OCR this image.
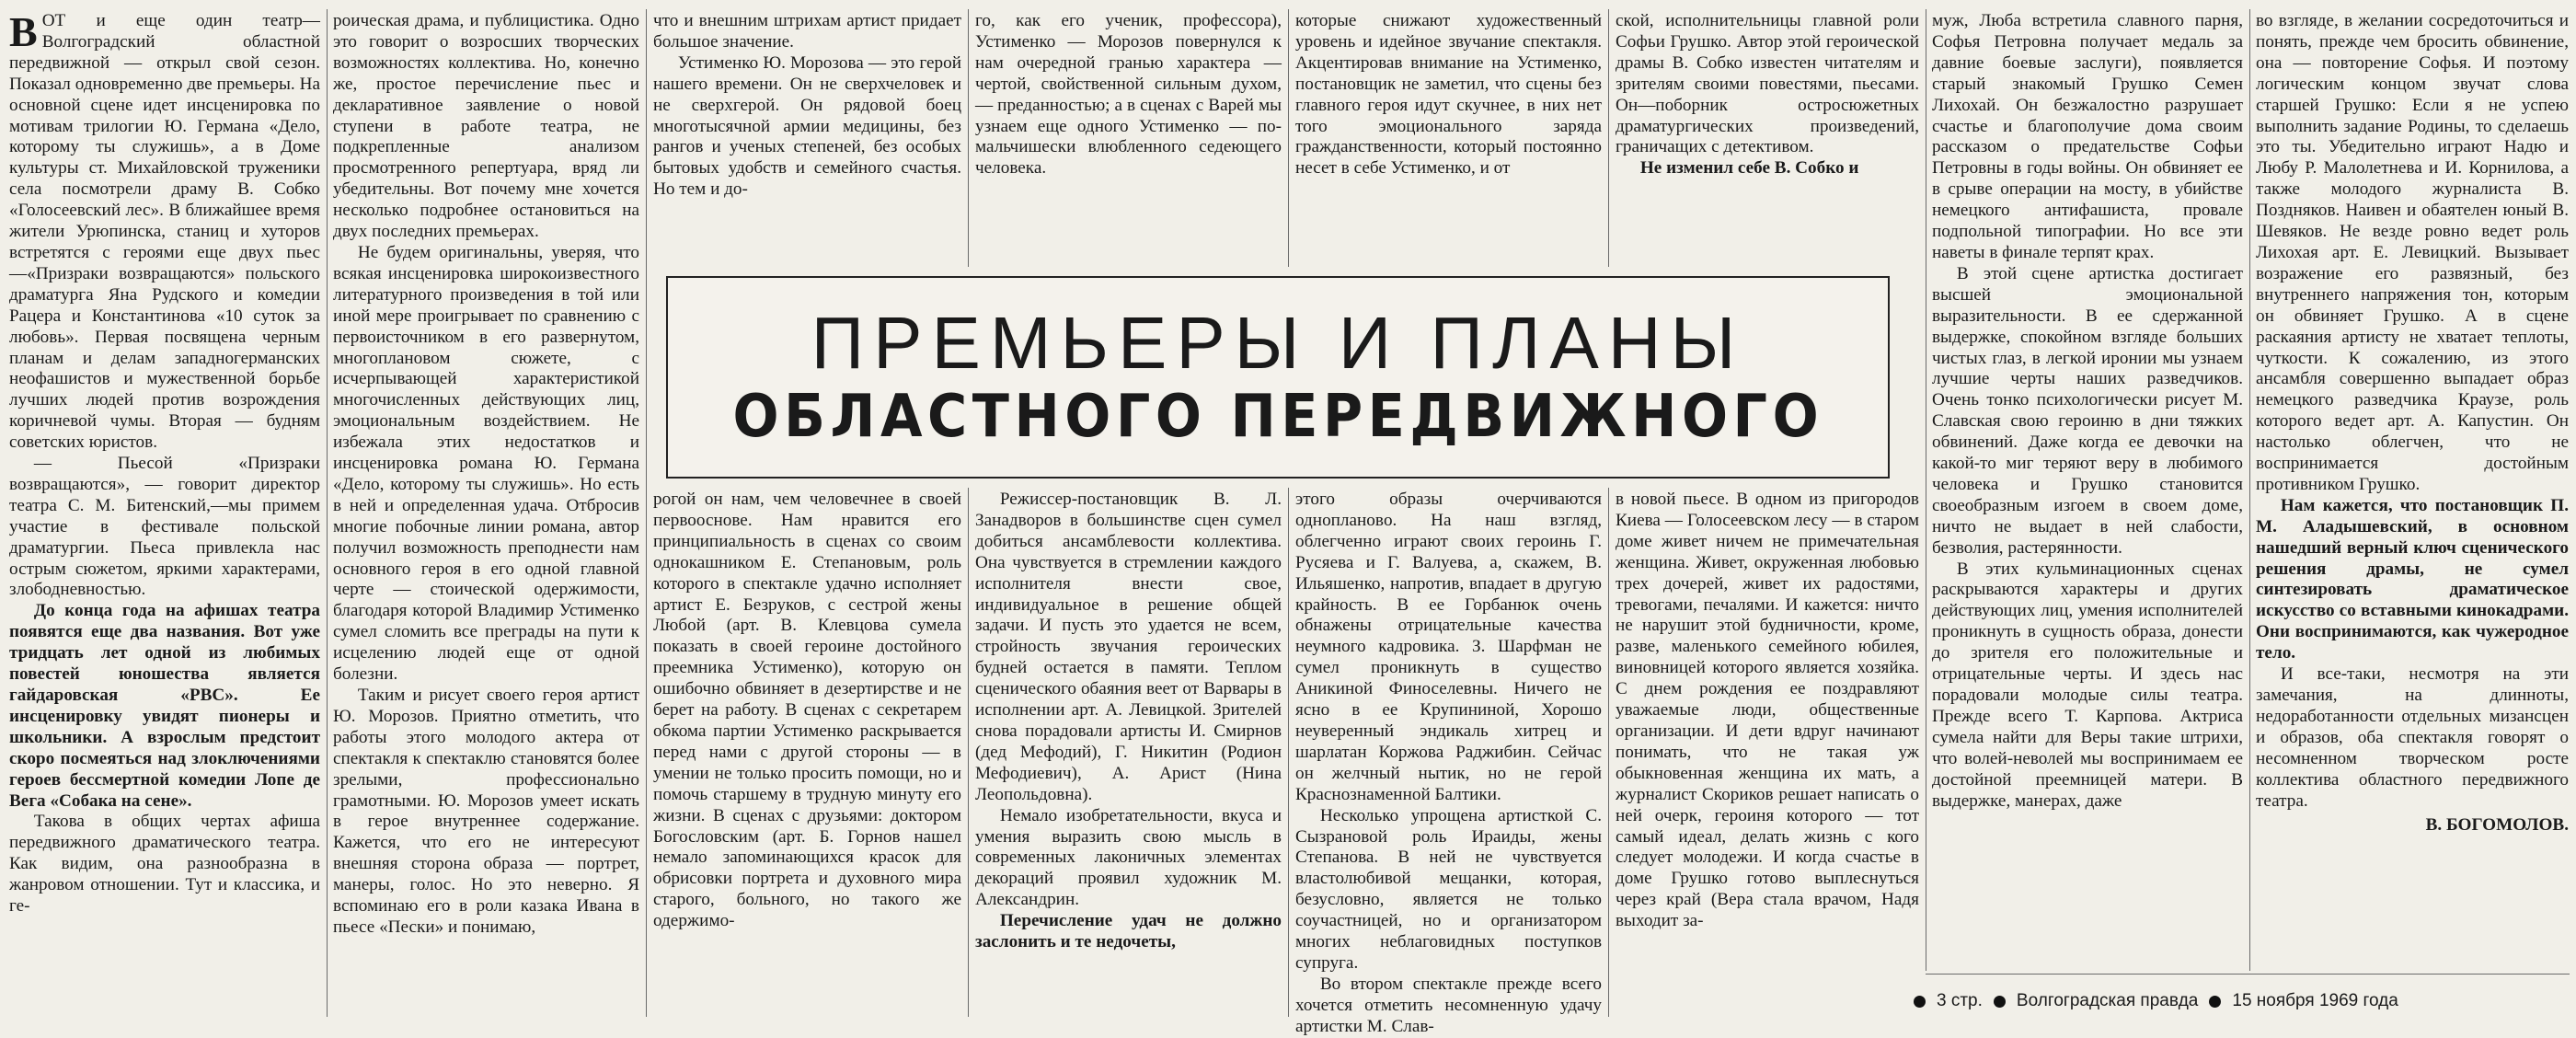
ВОТ и еще один театр— Волгоградский областной передвижной — открыл свой сезон. Показал одновременно две премьеры. На основной сцене идет инсценировка по мотивам трилогии Ю. Германа «Дело, которому ты служишь», а в Доме культуры ст. Михайловской труженики села посмотрели драму В. Собко «Голосеевский лес». В ближайшее время жители Урюпинска, станиц и хуторов встретятся с героями еще двух пьес —«Призраки возвращаются» польского драматурга Яна Рудского и комедии Рацера и Константинова «10 суток за любовь». Первая посвящена черным планам и делам западногерманских неофашистов и мужественной борьбе лучших людей против возрождения коричневой чумы. Вторая — будням советских юристов.

— Пьесой «Призраки возвращаются», — говорит директор театра С. М. Битенский,—мы примем участие в фестивале польской драматургии. Пьеса привлекла нас острым сюжетом, яркими характерами, злободневностью.

До конца года на афишах театра появятся еще два названия. Вот уже тридцать лет одной из любимых повестей юношества является гайдаровская «РВС». Ее инсценировку увидят пионеры и школьники. А взрослым предстоит скоро посмеяться над злоключениями героев бессмертной комедии Лопе де Вега «Собака на сене».

Такова в общих чертах афиша передвижного драматического театра. Как видим, она разнообразна в жанровом отношении. Тут и классика, и ге-

роическая драма, и публицистика. Одно это говорит о возросших творческих возможностях коллектива. Но, конечно же, простое перечисление пьес и декларативное заявление о новой ступени в работе театра, не подкрепленные анализом просмотренного репертуара, вряд ли убедительны. Вот почему мне хочется несколько подробнее остановиться на двух последних премьерах.

Не будем оригинальны, уверяя, что всякая инсценировка широкоизвестного литературного произведения в той или иной мере проигрывает по сравнению с первоисточником в его развернутом, многоплановом сюжете, с исчерпывающей характеристикой многочисленных действующих лиц, эмоциональным воздействием. Не избежала этих недостатков и инсценировка романа Ю. Германа «Дело, которому ты служишь». Но есть в ней и определенная удача. Отбросив многие побочные линии романа, автор получил возможность преподнести нам основного героя в его одной главной черте — стоической одержимости, благодаря которой Владимир Устименко сумел сломить все преграды на пути к исцелению людей еще от одной болезни.

Таким и рисует своего героя артист Ю. Морозов. Приятно отметить, что работы этого молодого актера от спектакля к спектаклю становятся более зрелыми, профессионально грамотными. Ю. Морозов умеет искать в герое внутреннее содержание. Кажется, что его не интересуют внешняя сторона образа — портрет, манеры, голос. Но это неверно. Я вспоминаю его в роли казака Ивана в пьесе «Пески» и понимаю,

что и внешним штрихам артист придает большое значение.

Устименко Ю. Морозова — это герой нашего времени. Он не сверхчеловек и не сверхгерой. Он рядовой боец многотысячной армии медицины, без рангов и ученых степеней, без особых бытовых удобств и семейного счастья. Но тем и до-

го, как его ученик, профессора), Устименко — Морозов повернулся к нам очередной гранью характера — чертой, свойственной сильным духом, — преданностью; а в сценах с Варей мы узнаем еще одного Устименко — по-мальчишески влюбленного седеющего человека.

которые снижают художественный уровень и идейное звучание спектакля. Акцентировав внимание на Устименко, постановщик не заметил, что сцены без главного героя идут скучнее, в них нет того эмоционального заряда гражданственности, который постоянно несет в себе Устименко, и от

ской, исполнительницы главной роли Софьи Грушко. Автор этой героической драмы В. Собко известен читателям и зрителям своими повестями, пьесами. Он—поборник остросюжетных драматургических произведений, граничащих с детективом.

Не изменил себе В. Собко и

ПРЕМЬЕРЫ И ПЛАНЫ
ОБЛАСТНОГО ПЕРЕДВИЖНОГО

рогой он нам, чем человечнее в своей первооснове. Нам нравится его принципиальность в сценах со своим однокашником Е. Степановым, роль которого в спектакле удачно исполняет артист Е. Безруков, с сестрой жены Любой (арт. В. Клевцова сумела показать в своей героине достойного преемника Устименко), которую он ошибочно обвиняет в дезертирстве и не берет на работу. В сценах с секретарем обкома партии Устименко раскрывается перед нами с другой стороны — в умении не только просить помощи, но и помочь старшему в трудную минуту его жизни. В сценах с друзьями: доктором Богословским (арт. Б. Горнов нашел немало запоминающихся красок для обрисовки портрета и духовного мира старого, больного, но такого же одержимо-

Режиссер-постановщик В. Л. Занадворов в большинстве сцен сумел добиться ансамблевости коллектива. Она чувствуется в стремлении каждого исполнителя внести свое, индивидуальное в решение общей задачи. И пусть это удается не всем, стройность звучания героических будней остается в памяти. Теплом сценического обаяния веет от Варвары в исполнении арт. А. Левицкой. Зрителей снова порадовали артисты И. Смирнов (дед Мефодий), Г. Никитин (Родион Мефодиевич), А. Арист (Нина Леопольдовна).

Немало изобретательности, вкуса и умения выразить свою мысль в современных лаконичных элементах декораций проявил художник М. Александрин.

Перечисление удач не должно заслонить и те недочеты,

этого образы очерчиваются одноплановo. На наш взгляд, облегченно играют своих героинь Г. Русяева и Г. Валуева, а, скажем, В. Ильяшенко, напротив, впадает в другую крайность. В ее Горбанюк очень обнажены отрицательные качества неумного кадровика. З. Шарфман не сумел проникнуть в существо Аникиной Финоселевны. Ничего не ясно в ее Крупининой, Хорошо неуверенный эндикаль хитрец и шарлатан Коржова Раджибин. Сейчас он желчный нытик, но не герой Краснознаменной Балтики.

Несколько упрощена артисткой С. Сызрановой роль Ираиды, жены Степанова. В ней не чувствуется властолюбивой мещанки, которая, безусловно, является не только соучастницей, но и организатором многих неблаговидных поступков супруга.

Во втором спектакле прежде всего хочется отметить несомненную удачу артистки М. Слав-

в новой пьесе. В одном из пригородов Киева — Голосеевском лесу — в старом доме живет ничем не примечательная женщина. Живет, окруженная любовью трех дочерей, живет их радостями, тревогами, печалями. И кажется: ничто не нарушит этой будничности, кроме, разве, маленького семейного юбилея, виновницей которого является хозяйка. С днем рождения ее поздравляют уважаемые люди, общественные организации. И дети вдруг начинают понимать, что не такая уж обыкновенная женщина их мать, а журналист Скориков решает написать о ней очерк, героиня которого — тот самый идеал, делать жизнь с кого следует молодежи. И когда счастье в доме Грушко готово выплеснуться через край (Вера стала врачом, Надя выходит за-

муж, Люба встретила славного парня, Софья Петровна получает медаль за давние боевые заслуги), появляется старый знакомый Грушко Семен Лихохай. Он безжалостно разрушает счастье и благополучие дома своим рассказом о предательстве Софьи Петровны в годы войны. Он обвиняет ее в срыве операции на мосту, в убийстве немецкого антифашиста, провале подпольной типографии. Но все эти наветы в финале терпят крах.

В этой сцене артистка достигает высшей эмоциональной выразительности. В ее сдержанной выдержке, спокойном взгляде больших чистых глаз, в легкой иронии мы узнаем лучшие черты наших разведчиков. Очень тонко психологически рисует М. Славская свою героиню в дни тяжких обвинений. Даже когда ее девочки на какой-то миг теряют веру в любимого человека и Грушко становится своеобразным изгоем в своем доме, ничто не выдает в ней слабости, безволия, растерянности.

В этих кульминационных сценах раскрываются характеры и других действующих лиц, умения исполнителей проникнуть в сущность образа, донести до зрителя его положительные и отрицательные черты. И здесь нас порадовали молодые силы театра. Прежде всего Т. Карпова. Актриса сумела найти для Веры такие штрихи, что волей-неволей мы воспринимаем ее достойной преемницей матери. В выдержке, манерах, даже

во взгляде, в желании сосредоточиться и понять, прежде чем бросить обвинение, она — повторение Софья. И поэтому логическим концом звучат слова старшей Грушко: Если я не успею выполнить задание Родины, то сделаешь это ты. Убедительно играют Надю и Любу Р. Малолетнева и И. Корнилова, а также молодого журналиста В. Поздняков. Наивен и обаятелен юный В. Шевяков. Не везде ровно ведет роль Лихохая арт. Е. Левицкий. Вызывает возражение его развязный, без внутреннего напряжения тон, которым он обвиняет Грушко. А в сцене раскаяния артисту не хватает теплоты, чуткости. К сожалению, из этого ансамбля совершенно выпадает образ немецкого разведчика Краузе, роль которого ведет арт. А. Капустин. Он настолько облегчен, что не воспринимается достойным противником Грушко.

Нам кажется, что постановщик П. М. Аладышевский, в основном нашедший верный ключ сценического решения драмы, не сумел синтезировать драматическое искусство со вставными кинокадрами. Они воспринимаются, как чужеродное тело.

И все-таки, несмотря на эти замечания, на длинноты, недоработанности отдельных мизансцен и образов, оба спектакля говорят о несомненном творческом росте коллектива областного передвижного театра.

В. БОГОМОЛОВ.

3 стр. Волгоградская правда 15 ноября 1969 года
